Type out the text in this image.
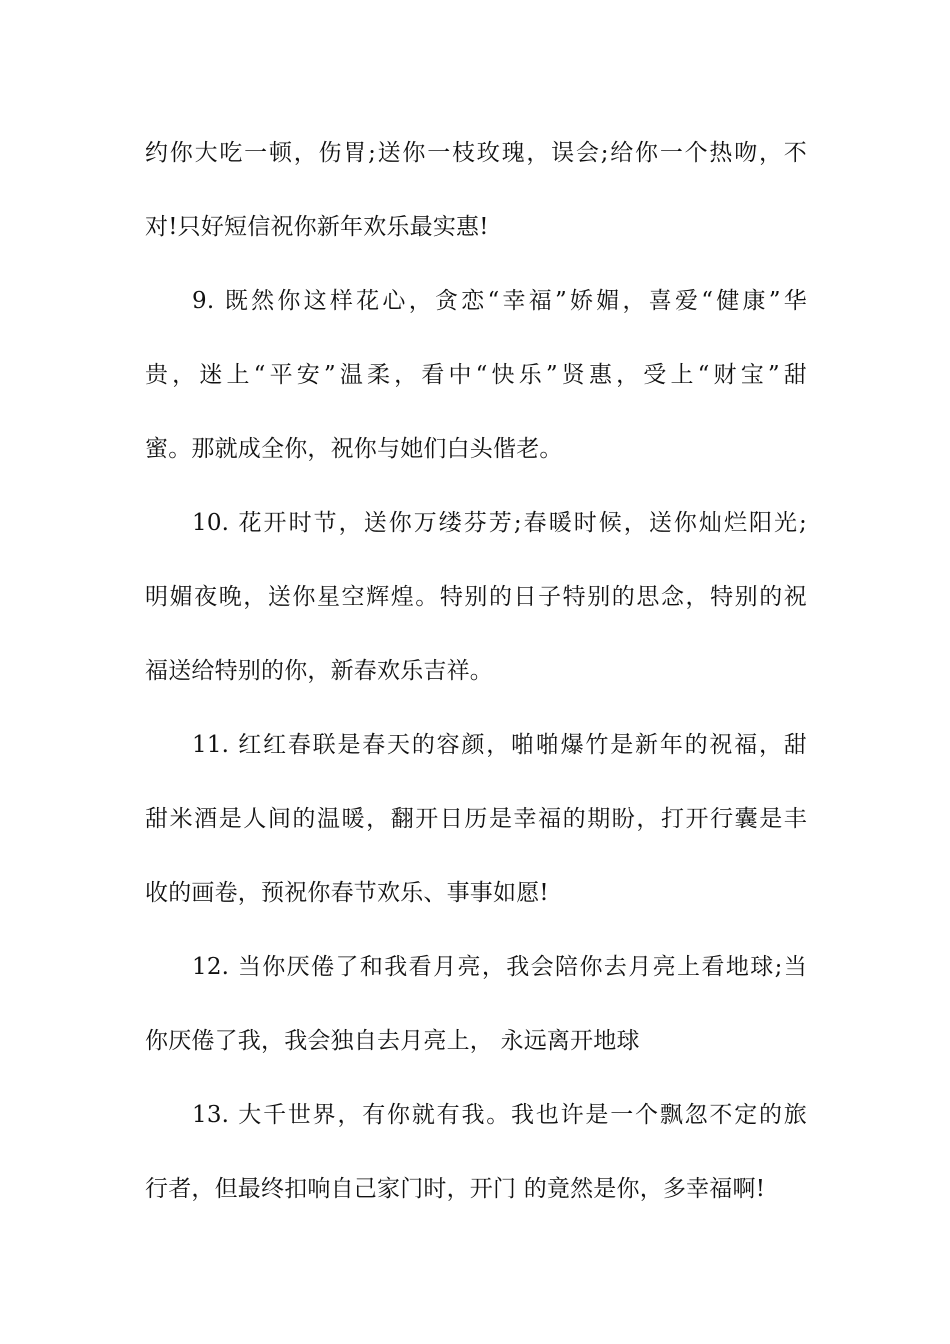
约你大吃一顿，伤胃;送你一枝玫瑰，误会;给你一个热吻，不
对!只好短信祝你新年欢乐最实惠!
9. 既然你这样花心，贪恋“幸福”娇媚，喜爱“健康”华
贵，迷上“平安”温柔，看中“快乐”贤惠，受上“财宝”甜
蜜。那就成全你，祝你与她们白头偕老。
10. 花开时节，送你万缕芬芳;春暖时候，送你灿烂阳光;
明媚夜晚，送你星空辉煌。特别的日子特别的思念，特别的祝
福送给特别的你，新春欢乐吉祥。
11. 红红春联是春天的容颜，啪啪爆竹是新年的祝福，甜
甜米酒是人间的温暖，翻开日历是幸福的期盼，打开行囊是丰
收的画卷，预祝你春节欢乐、事事如愿!
12. 当你厌倦了和我看月亮，我会陪你去月亮上看地球;当
你厌倦了我，我会独自去月亮上， 永远离开地球
13. 大千世界，有你就有我。我也许是一个飘忽不定的旅
行者，但最终扣响自己家门时，开门 的竟然是你，多幸福啊!
